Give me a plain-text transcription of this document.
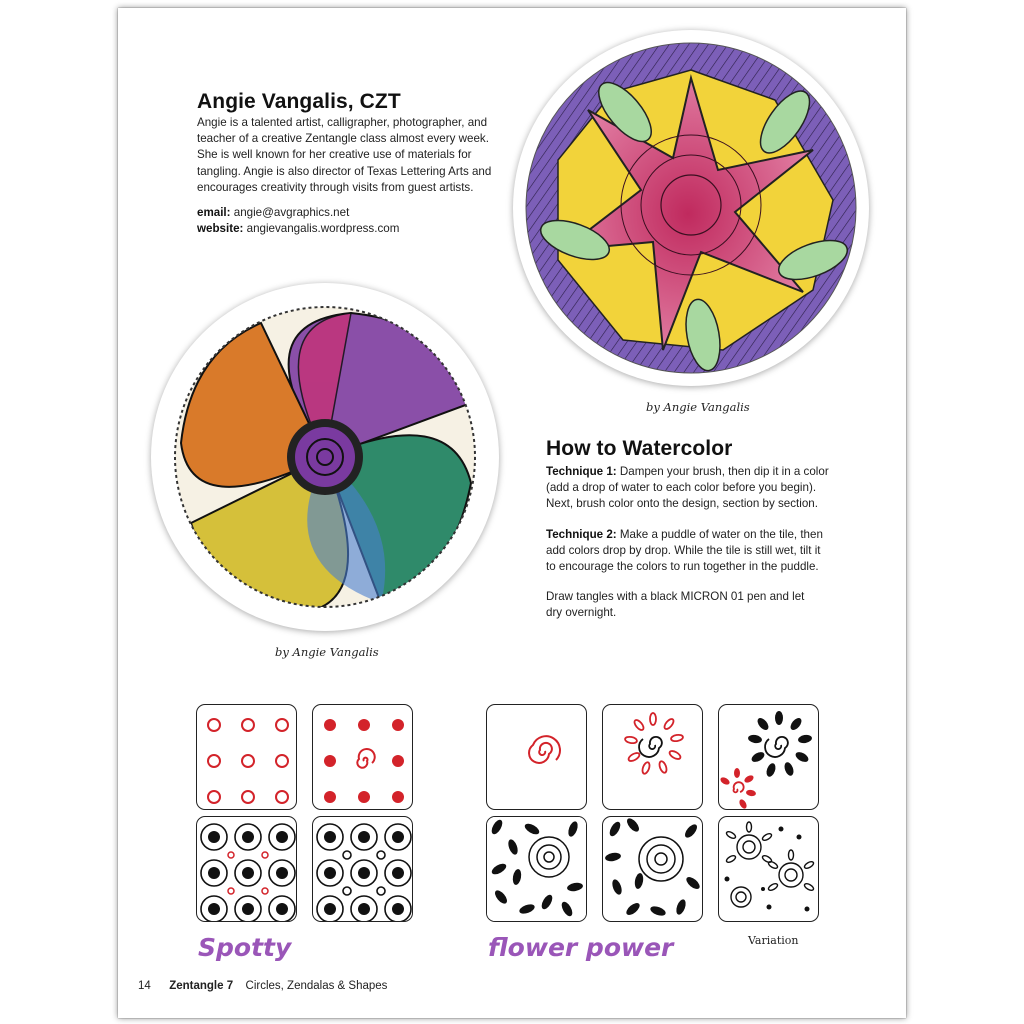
Angie Vangalis, CZT
Angie is a talented artist, calligrapher, photographer, and
teacher of a creative Zentangle class almost every week.
She is well known for her creative use of materials for
tangling. Angie is also director of Texas Lettering Arts and
encourages creativity through visits from guest artists.
email: angie@avgraphics.net
website: angievangalis.wordpress.com
by Angie Vangalis
by Angie Vangalis
How to Watercolor
Technique 1: Dampen your brush, then dip it in a color
(add a drop of water to each color before you begin).
Next, brush color onto the design, section by section.
Technique 2: Make a puddle of water on the tile, then
add colors drop by drop. While the tile is still wet, tilt it
to encourage the colors to run together in the puddle.
Draw tangles with a black MICRON 01 pen and let
dry overnight.
Spotty	flower power	Variation
14 Zentangle 7 Circles, Zendalas & Shapes
